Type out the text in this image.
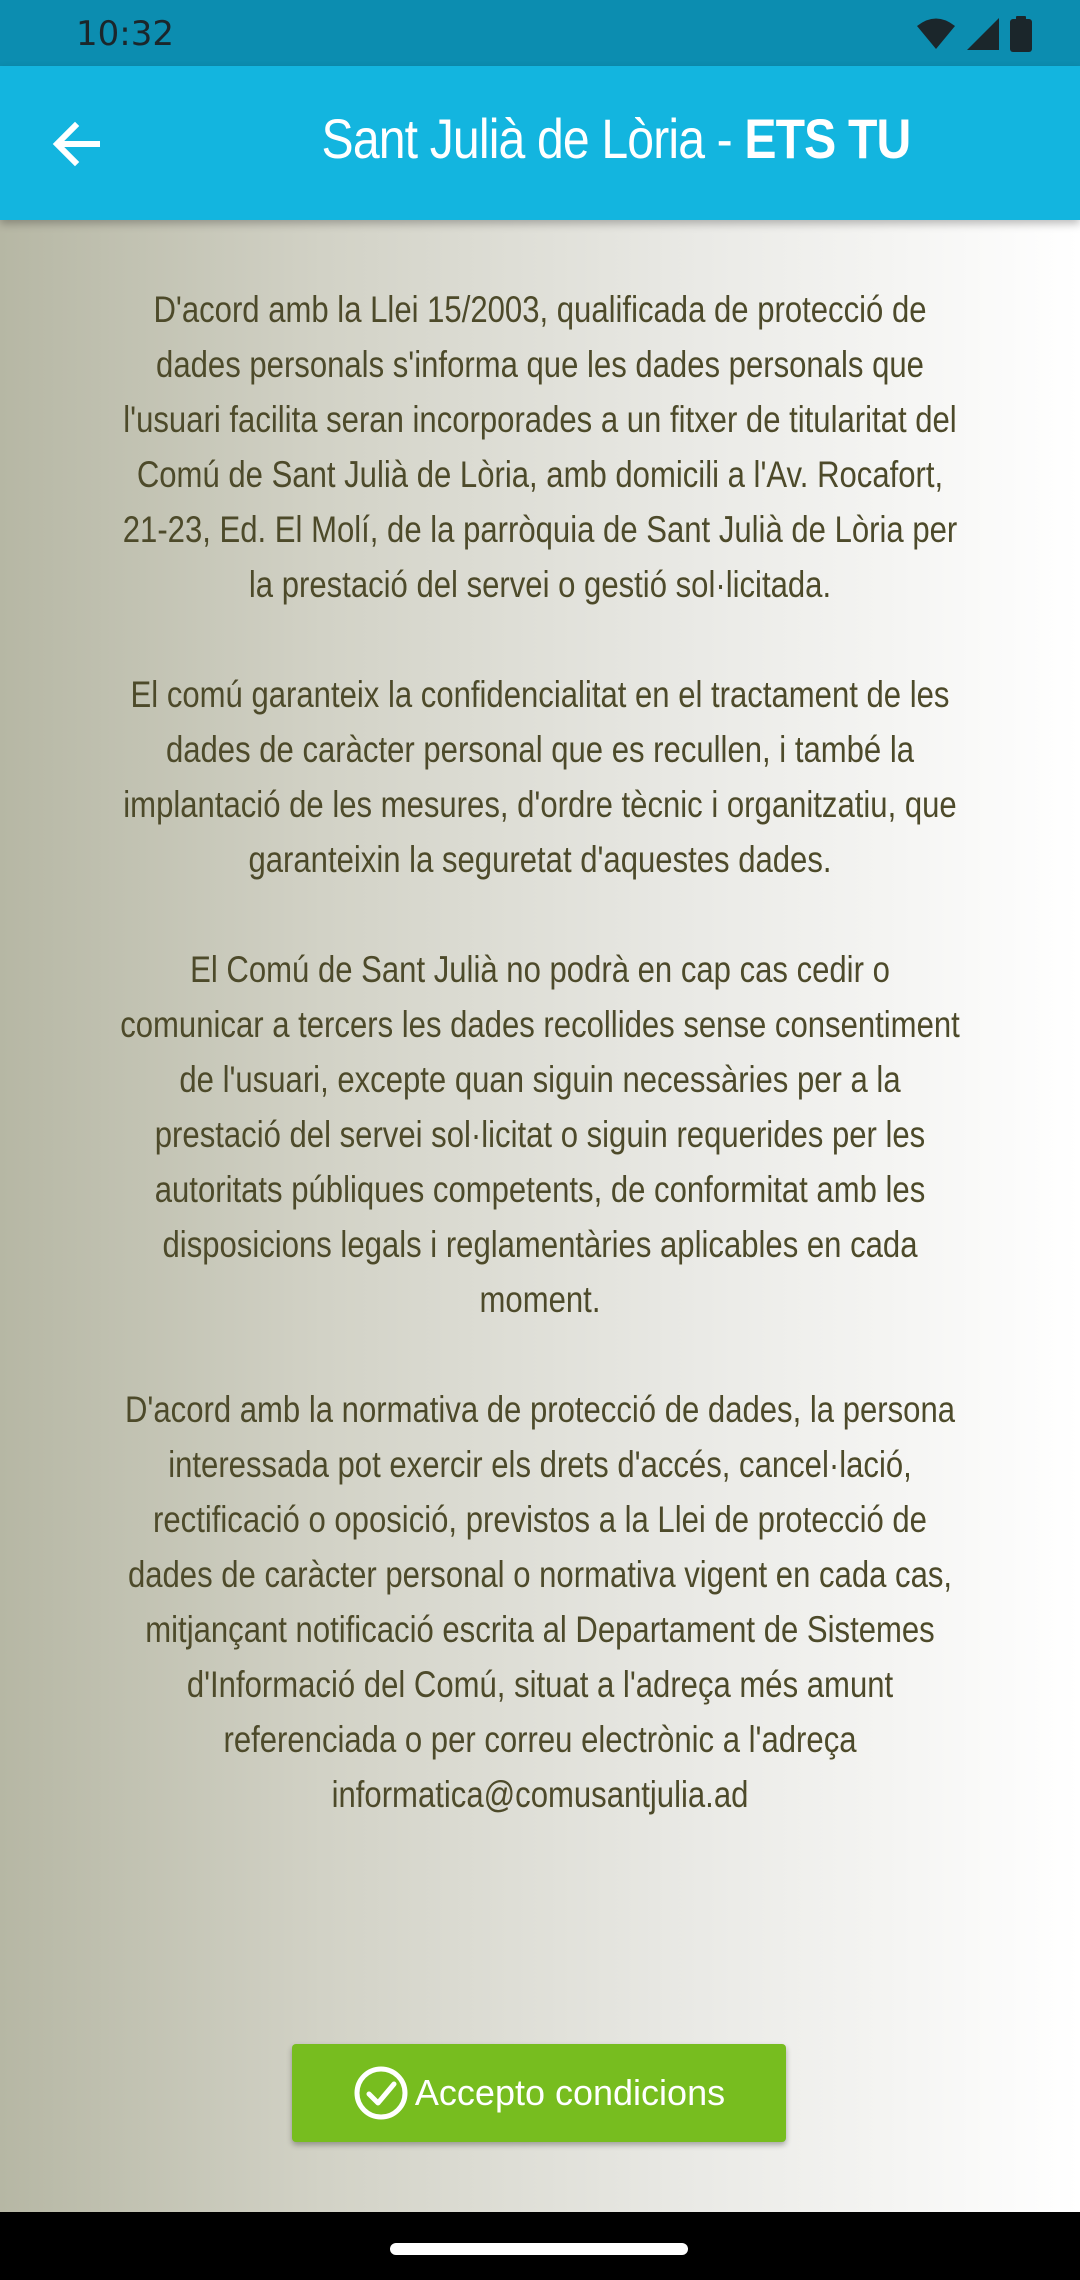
10:32
Sant Julià de Lòria - ETS TU

D'acord amb la Llei 15/2003, qualificada de protecció de dades personals s'informa que les dades personals que l'usuari facilita seran incorporades a un fitxer de titularitat del Comú de Sant Julià de Lòria, amb domicili a l'Av. Rocafort, 21-23, Ed. El Molí, de la parròquia de Sant Julià de Lòria per la prestació del servei o gestió sol·licitada.

El comú garanteix la confidencialitat en el tractament de les dades de caràcter personal que es recullen, i també la implantació de les mesures, d'ordre tècnic i organitzatiu, que garanteixin la seguretat d'aquestes dades.

El Comú de Sant Julià no podrà en cap cas cedir o comunicar a tercers les dades recollides sense consentiment de l'usuari, excepte quan siguin necessàries per a la prestació del servei sol·licitat o siguin requerides per les autoritats públiques competents, de conformitat amb les disposicions legals i reglamentàries aplicables en cada moment.

D'acord amb la normativa de protecció de dades, la persona interessada pot exercir els drets d'accés, cancel·lació, rectificació o oposició, previstos a la Llei de protecció de dades de caràcter personal o normativa vigent en cada cas, mitjançant notificació escrita al Departament de Sistemes d'Informació del Comú, situat a l'adreça més amunt referenciada o per correu electrònic a l'adreça informatica@comusantjulia.ad

Accepto condicions
